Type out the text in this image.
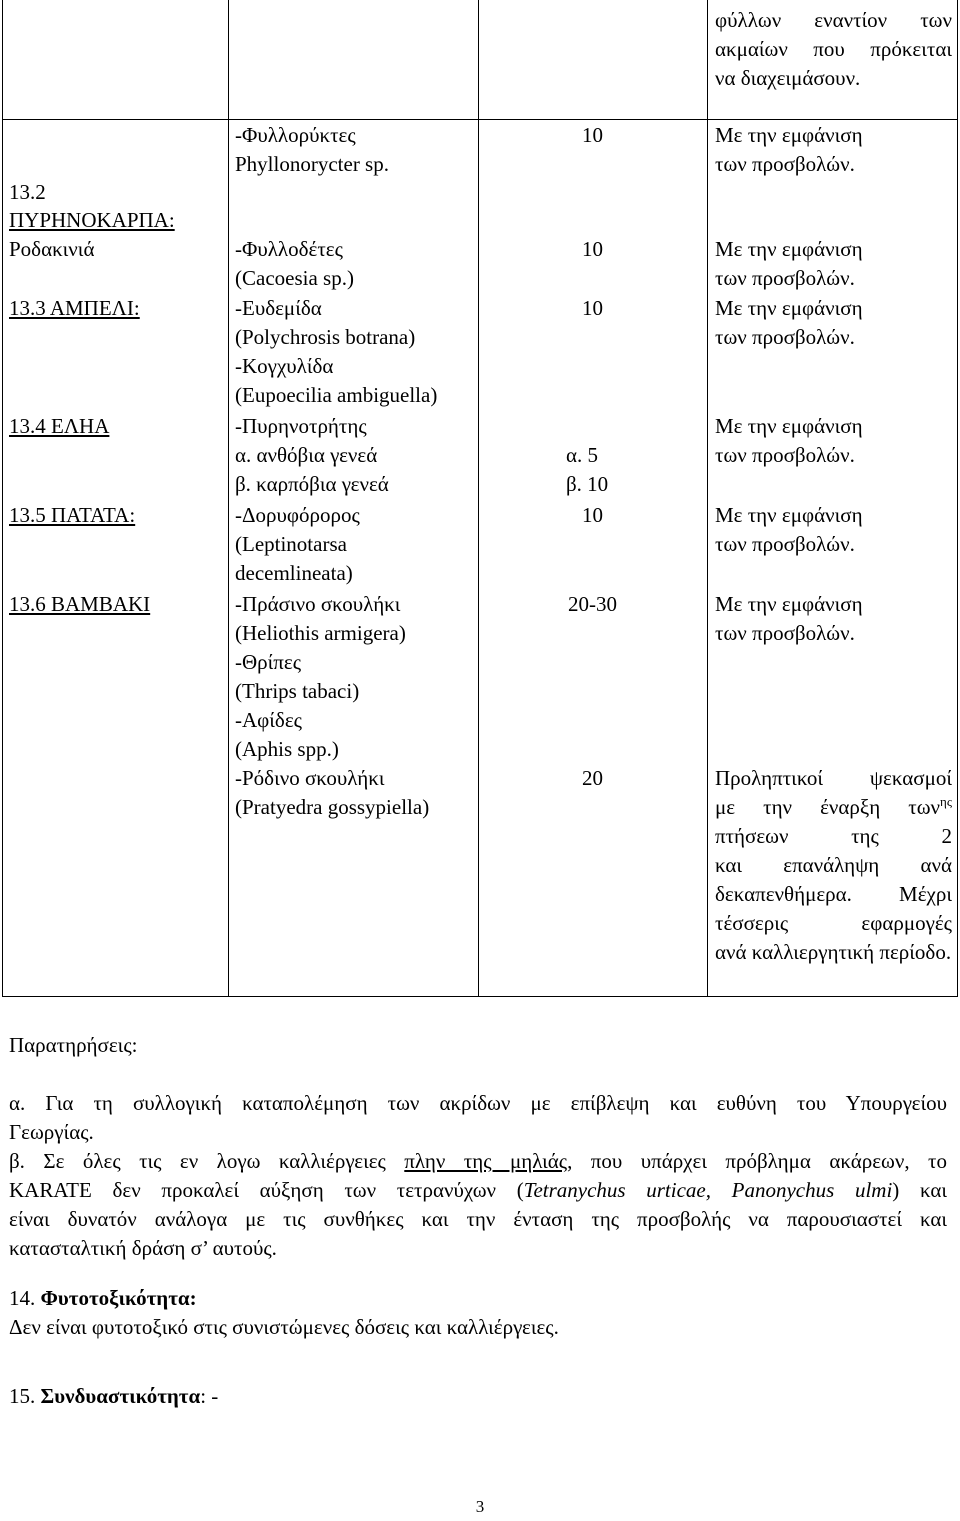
φύλλων εναντίον των
ακμαίων που πρόκειται
να διαχειμάσουν.
13.2
ΠΥΡΗΝΟΚΑΡΠΑ:
Ροδακινιά
13.3 ΑΜΠΕΛΙ:
13.4 ΕΛΗΑ
13.5 ΠΑΤΑΤΑ:
13.6 ΒΑΜΒΑΚΙ
-Φυλλορύκτες
Phyllonorycter sp.
-Φυλλοδέτες
(Cacoesia sp.)
-Ευδεμίδα
(Polychrosis botrana)
-Κογχυλίδα
(Eupoecilia ambiguella)
-Πυρηνοτρήτης
α. ανθόβια γενεά
β. καρπόβια γενεά
-Δορυφόρορος
(Leptinotarsa
decemlineata)
-Πράσινο σκουλήκι
(Heliothis armigera)
-Θρίπες
(Thrips tabaci)
-Αφίδες
(Aphis spp.)
-Ρόδινο σκουλήκι
(Pratyedra gossypiella)
10
10
10
α. 5
β. 10
10
20-30
20
Με την εμφάνιση
των προσβολών.
Με την εμφάνιση
των προσβολών.
Με την εμφάνιση
των προσβολών.
Με την εμφάνιση
των προσβολών.
Με την εμφάνιση
των προσβολών.
Με την εμφάνιση
των προσβολών.
Προληπτικοί ψεκασμοί
με την έναρξη των$^{\eta\varsigma}$
πτήσεων της 2
και επανάληψη ανά
δεκαπενθήμερα. Μέχρι
τέσσερις εφαρμογές
ανά καλλιεργητική περίοδο.
Παρατηρήσεις:

α. Για τη συλλογική καταπολέμηση των ακρίδων με επίβλεψη και ευθύνη του Υπουργείου

Γεωργίας.

β. Σε όλες τις εν λογω καλλιέργειες πλην της μηλιάς, που υπάρχει πρόβλημα ακάρεων, το

KARATE δεν προκαλεί αύξηση των τετρανύχων (Tetranychus urticae, Panonychus ulmi) και

είναι δυνατόν ανάλογα με τις συνθήκες και την ένταση της προσβολής να παρουσιαστεί και

κατασταλτική δράση σ’ αυτούς.

14. Φυτοτοξικότητα:

Δεν είναι φυτοτοξικό στις συνιστώμενες δόσεις και καλλιέργειες.

15. Συνδυαστικότητα: -

3
